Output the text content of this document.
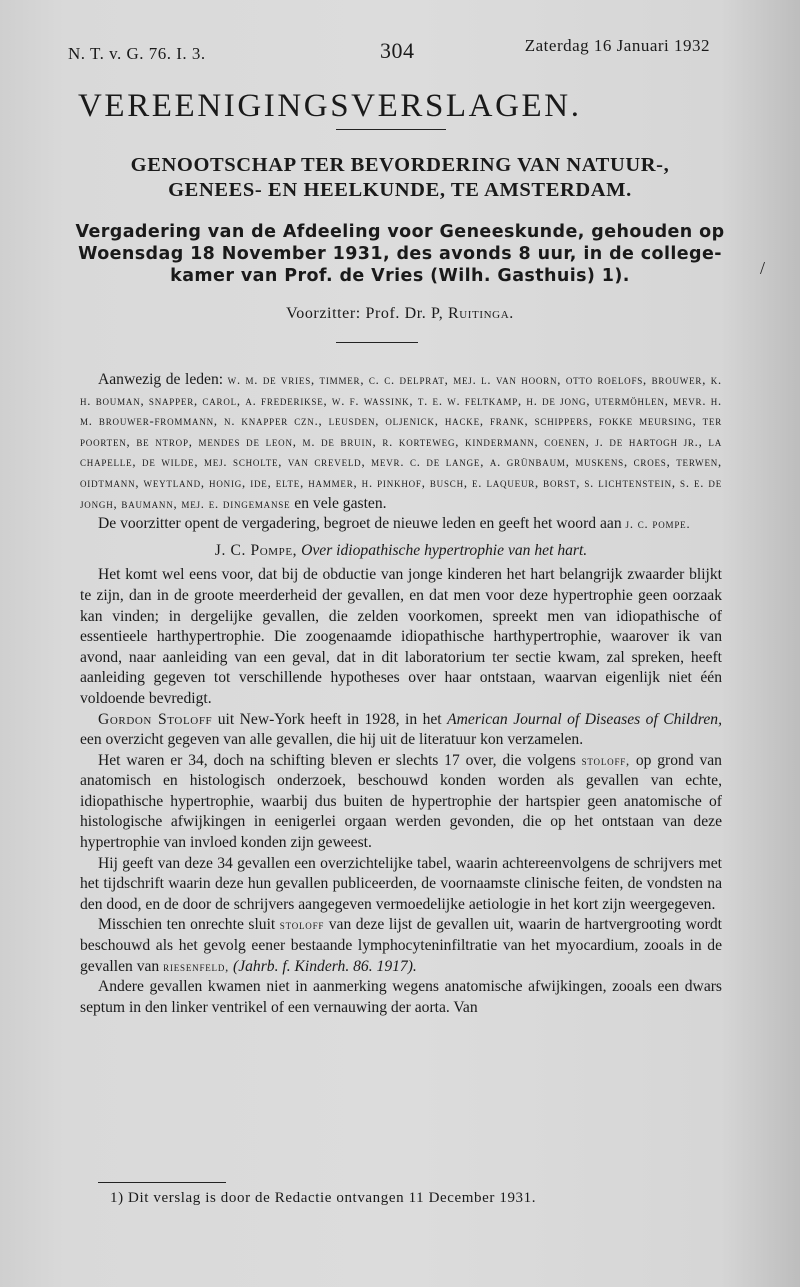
N. T. v. G. 76. I. 3.	304	Zaterdag 16 Januari 1932
VEREENIGINGSVERSLAGEN.
GENOOTSCHAP TER BEVORDERING VAN NATUUR-,
GENEES- EN HEELKUNDE, TE AMSTERDAM.
Vergadering van de Afdeeling voor Geneeskunde, gehouden op
Woensdag 18 November 1931, des avonds 8 uur, in de collegе-
kamer van Prof. de Vries (Wilh. Gasthuis) 1).
Voorzitter: Prof. Dr. P, Ruitinga.

Aanwezig de leden: w. m. de vries, timmer, c. c. delprat, mej. l. van hoorn, otto roelofs, brouwer, k. h. bouman, snapper, carol, a. frederikse, w. f. wassink, t. e. w. feltkamp, h. de jong, utermöhlen, mevr. h. m. brouwer-frommann, n. knapper czn., leusden, oljenick, hacke, frank, schippers, fokke meursing, ter poorten, be ntrop, mendes de leon, m. de bruin, r. korteweg, kindermann, coenen, j. de hartogh jr., la chapelle, de wilde, mej. scholte, van creveld, mevr. c. de lange, a. grünbaum, muskens, croes, terwen, oidtmann, weytland, honig, ide, elte, hammer, h. pinkhof, busch, e. laqueur, borst, s. lichtenstein, s. e. de jongh, baumann, mej. e. dingemanse en vele gasten.

De voorzitter opent de vergadering, begroet de nieuwe leden en geeft het woord aan j. c. pompe.

J. C. Pompe, Over idiopathische hypertrophie van het hart.

Het komt wel eens voor, dat bij de obductie van jonge kinderen het hart belangrijk zwaarder blijkt te zijn, dan in de groote meerderheid der gevallen, en dat men voor deze hypertrophie geen oorzaak kan vinden; in dergelijke gevallen, die zelden voorkomen, spreekt men van idiopathische of essentieele harthypertrophie. Die zoogenaamde idiopathische harthypertrophie, waarover ik van avond, naar aanleiding van een geval, dat in dit laboratorium ter sectie kwam, zal spreken, heeft aanleiding gegeven tot verschillende hypotheses over haar ontstaan, waarvan eigenlijk niet één voldoende bevredigt.

Gordon Stoloff uit New-York heeft in 1928, in het American Journal of Diseases of Children, een overzicht gegeven van alle gevallen, die hij uit de literatuur kon verzamelen.

Het waren er 34, doch na schifting bleven er slechts 17 over, die volgens stoloff, op grond van anatomisch en histologisch onderzoek, beschouwd konden worden als gevallen van echte, idiopathische hypertrophie, waarbij dus buiten de hypertrophie der hartspier geen anatomische of histologische afwijkingen in eenigerlei orgaan werden gevonden, die op het ontstaan van deze hypertrophie van invloed konden zijn geweest.

Hij geeft van deze 34 gevallen een overzichtelijke tabel, waarin achtereenvolgens de schrijvers met het tijdschrift waarin deze hun gevallen publiceerden, de voornaamste clinische feiten, de vondsten na den dood, en de door de schrijvers aangegeven vermoedelijke aetiologie in het kort zijn weergegeven.

Misschien ten onrechte sluit stoloff van deze lijst de gevallen uit, waarin de hartvergrooting wordt beschouwd als het gevolg eener bestaande lymphocyteninfiltratie van het myocardium, zooals in de gevallen van riesenfeld, (Jahrb. f. Kinderh. 86. 1917).

Andere gevallen kwamen niet in aanmerking wegens anatomische afwijkingen, zooals een dwars septum in den linker ventrikel of een vernauwing der aorta. Van

1) Dit verslag is door de Redactie ontvangen 11 December 1931.
/
